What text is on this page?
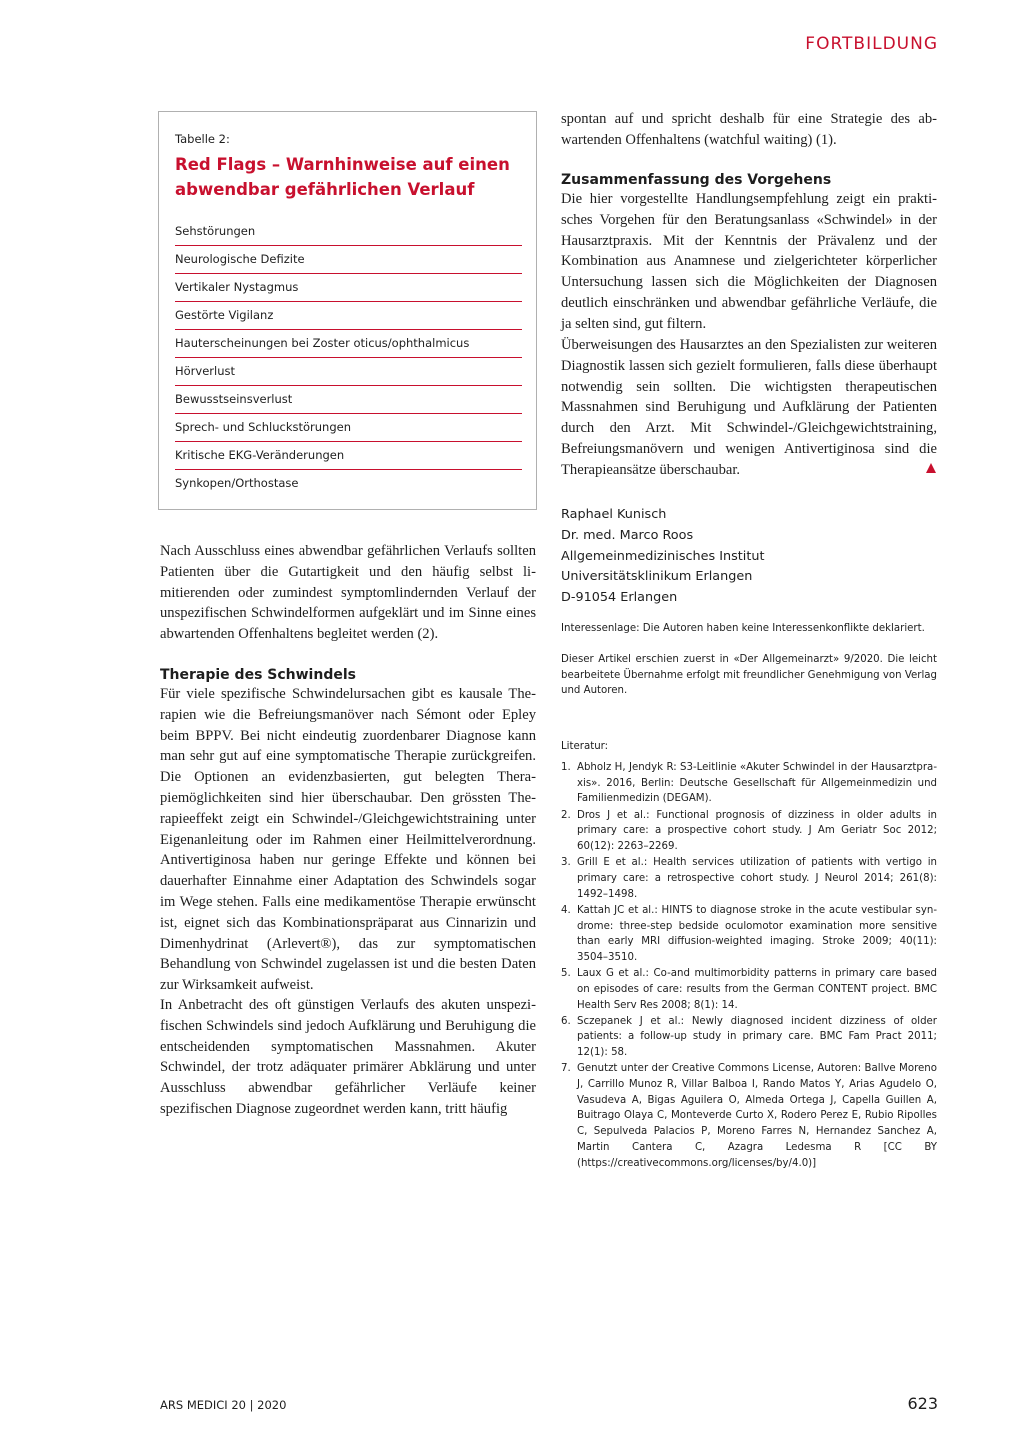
FORTBILDUNG
Tabelle 2:
Red Flags – Warnhinweise auf einen abwendbar gefährlichen Verlauf
Sehstörungen
Neurologische Defizite
Vertikaler Nystagmus
Gestörte Vigilanz
Hauterscheinungen bei Zoster oticus/ophthalmicus
Hörverlust
Bewusstseinsverlust
Sprech- und Schluckstörungen
Kritische EKG-Veränderungen
Synkopen/Orthostase

Nach Ausschluss eines abwendbar gefährlichen Verlaufs sollten Patienten über die Gutartigkeit und den häufig selbst limitierenden oder zumindest symptomlindernden Verlauf der unspezifischen Schwindelformen aufgeklärt und im Sinne eines abwartenden Offenhaltens begleitet werden (2).

Therapie des Schwindels

Für viele spezifische Schwindelursachen gibt es kausale Therapien wie die Befreiungsmanöver nach Sémont oder Epley beim BPPV. Bei nicht eindeutig zuordenbarer Diagnose kann man sehr gut auf eine symptomatische Therapie zurückgreifen. Die Optionen an evidenzbasierten, gut belegten Therapiemöglichkeiten sind hier überschaubar. Den grössten Therapieeffekt zeigt ein Schwindel-/Gleichgewichtstraining unter Eigenanleitung oder im Rahmen einer Heilmittelverordnung. Antivertiginosa haben nur geringe Effekte und können bei dauerhafter Einnahme einer Adaptation des Schwindels sogar im Wege stehen. Falls eine medikamentöse Therapie erwünscht ist, eignet sich das Kombinationspräparat aus Cinnarizin und Dimenhydrinat (Arlevert®), das zur symptomatischen Behandlung von Schwindel zugelassen ist und die besten Daten zur Wirksamkeit aufweist.

In Anbetracht des oft günstigen Verlaufs des akuten unspezifischen Schwindels sind jedoch Aufklärung und Beruhigung die entscheidenden symptomatischen Massnahmen. Akuter Schwindel, der trotz adäquater primärer Abklärung und unter Ausschluss abwendbar gefährlicher Verläufe keiner spezifischen Diagnose zugeordnet werden kann, tritt häufig

spontan auf und spricht deshalb für eine Strategie des abwartenden Offenhaltens (watchful waiting) (1).

Zusammenfassung des Vorgehens

Die hier vorgestellte Handlungsempfehlung zeigt ein praktisches Vorgehen für den Beratungsanlass «Schwindel» in der Hausarztpraxis. Mit der Kenntnis der Prävalenz und der Kombination aus Anamnese und zielgerichteter körperlicher Untersuchung lassen sich die Möglichkeiten der Diagnosen deutlich einschränken und abwendbar gefährliche Verläufe, die ja selten sind, gut filtern.

Überweisungen des Hausarztes an den Spezialisten zur weiteren Diagnostik lassen sich gezielt formulieren, falls diese überhaupt notwendig sein sollten. Die wichtigsten therapeutischen Massnahmen sind Beruhigung und Aufklärung der Patienten durch den Arzt. Mit Schwindel-/Gleichgewichtstraining, Befreiungsmanövern und wenigen Antivertiginosa sind die Therapieansätze überschaubar.

Raphael Kunisch
Dr. med. Marco Roos
Allgemeinmedizinisches Institut
Universitätsklinikum Erlangen
D-91054 Erlangen

Interessenlage: Die Autoren haben keine Interessenkonflikte deklariert.

Dieser Artikel erschien zuerst in «Der Allgemeinarzt» 9/2020. Die leicht bearbeitete Übernahme erfolgt mit freundlicher Genehmigung von Verlag und Autoren.

Literatur:

1. Abholz H, Jendyk R: S3-Leitlinie «Akuter Schwindel in der Hausarztpraxis». 2016, Berlin: Deutsche Gesellschaft für Allgemeinmedizin und Familienmedizin (DEGAM).
2. Dros J et al.: Functional prognosis of dizziness in older adults in primary care: a prospective cohort study. J Am Geriatr Soc 2012; 60(12): 2263–2269.
3. Grill E et al.: Health services utilization of patients with vertigo in primary care: a retrospective cohort study. J Neurol 2014; 261(8): 1492–1498.
4. Kattah JC et al.: HINTS to diagnose stroke in the acute vestibular syndrome: three-step bedside oculomotor examination more sensitive than early MRI diffusion-weighted imaging. Stroke 2009; 40(11): 3504–3510.
5. Laux G et al.: Co-and multimorbidity patterns in primary care based on episodes of care: results from the German CONTENT project. BMC Health Serv Res 2008; 8(1): 14.
6. Sczepanek J et al.: Newly diagnosed incident dizziness of older patients: a follow-up study in primary care. BMC Fam Pract 2011; 12(1): 58.
7. Genutzt unter der Creative Commons License, Autoren: Ballve Moreno J, Carrillo Munoz R, Villar Balboa I, Rando Matos Y, Arias Agudelo O, Vasudeva A, Bigas Aguilera O, Almeda Ortega J, Capella Guillen A, Buitrago Olaya C, Monteverde Curto X, Rodero Perez E, Rubio Ripolles C, Sepulveda Palacios P, Moreno Farres N, Hernandez Sanchez A, Martin Cantera C, Azagra Ledesma R [CC BY (https://creativecommons.org/licenses/by/4.0)]
ARS MEDICI 20 | 2020	623
